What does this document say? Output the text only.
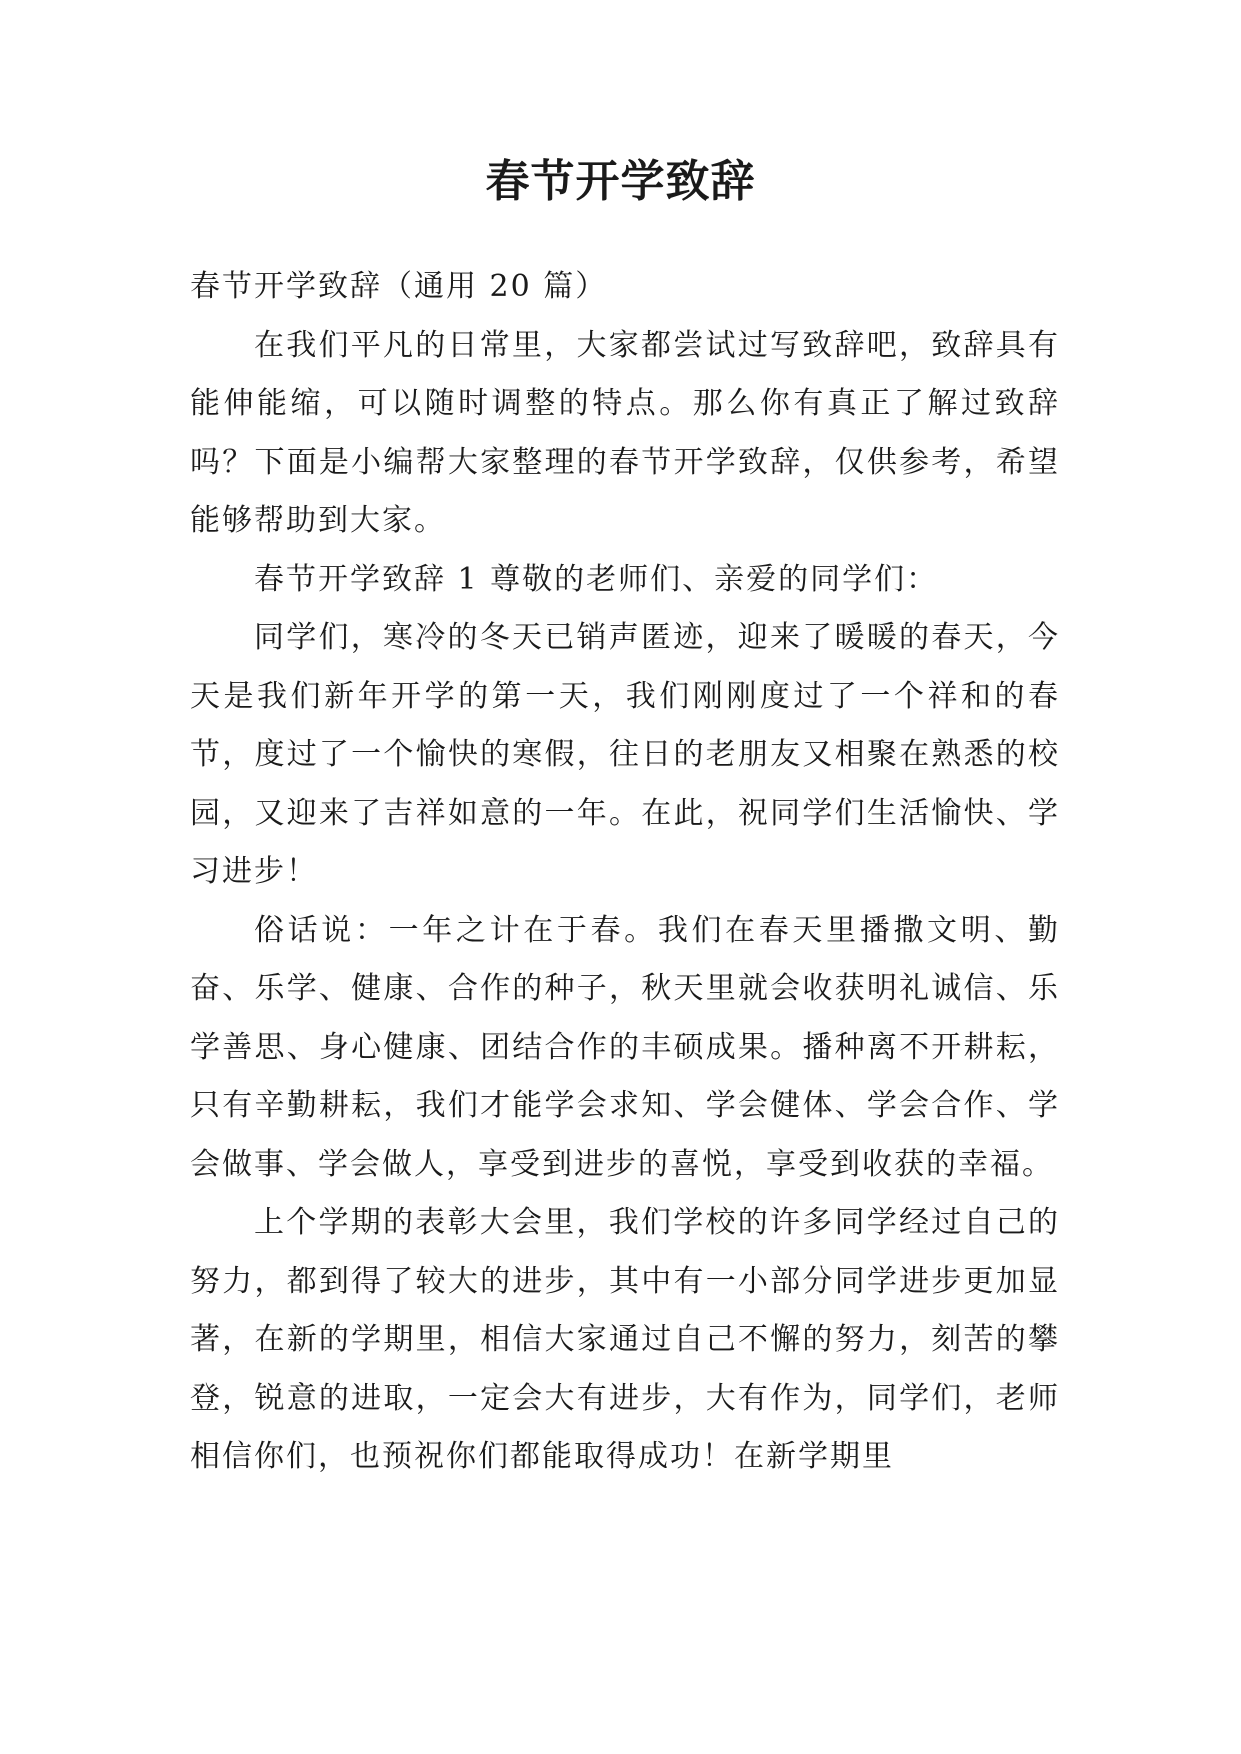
春节开学致辞

春节开学致辞（通用 20 篇）

在我们平凡的日常里，大家都尝试过写致辞吧，致辞具有能伸能缩，可以随时调整的特点。那么你有真正了解过致辞吗？下面是小编帮大家整理的春节开学致辞，仅供参考，希望能够帮助到大家。

春节开学致辞 1 尊敬的老师们、亲爱的同学们：

同学们，寒冷的冬天已销声匿迹，迎来了暖暖的春天，今天是我们新年开学的第一天，我们刚刚度过了一个祥和的春节，度过了一个愉快的寒假，往日的老朋友又相聚在熟悉的校园，又迎来了吉祥如意的一年。在此，祝同学们生活愉快、学习进步！

俗话说：一年之计在于春。我们在春天里播撒文明、勤奋、乐学、健康、合作的种子，秋天里就会收获明礼诚信、乐学善思、身心健康、团结合作的丰硕成果。播种离不开耕耘，只有辛勤耕耘，我们才能学会求知、学会健体、学会合作、学会做事、学会做人，享受到进步的喜悦，享受到收获的幸福。

上个学期的表彰大会里，我们学校的许多同学经过自己的努力，都到得了较大的进步，其中有一小部分同学进步更加显著，在新的学期里，相信大家通过自己不懈的努力，刻苦的攀登，锐意的进取，一定会大有进步，大有作为，同学们，老师相信你们，也预祝你们都能取得成功！在新学期里
